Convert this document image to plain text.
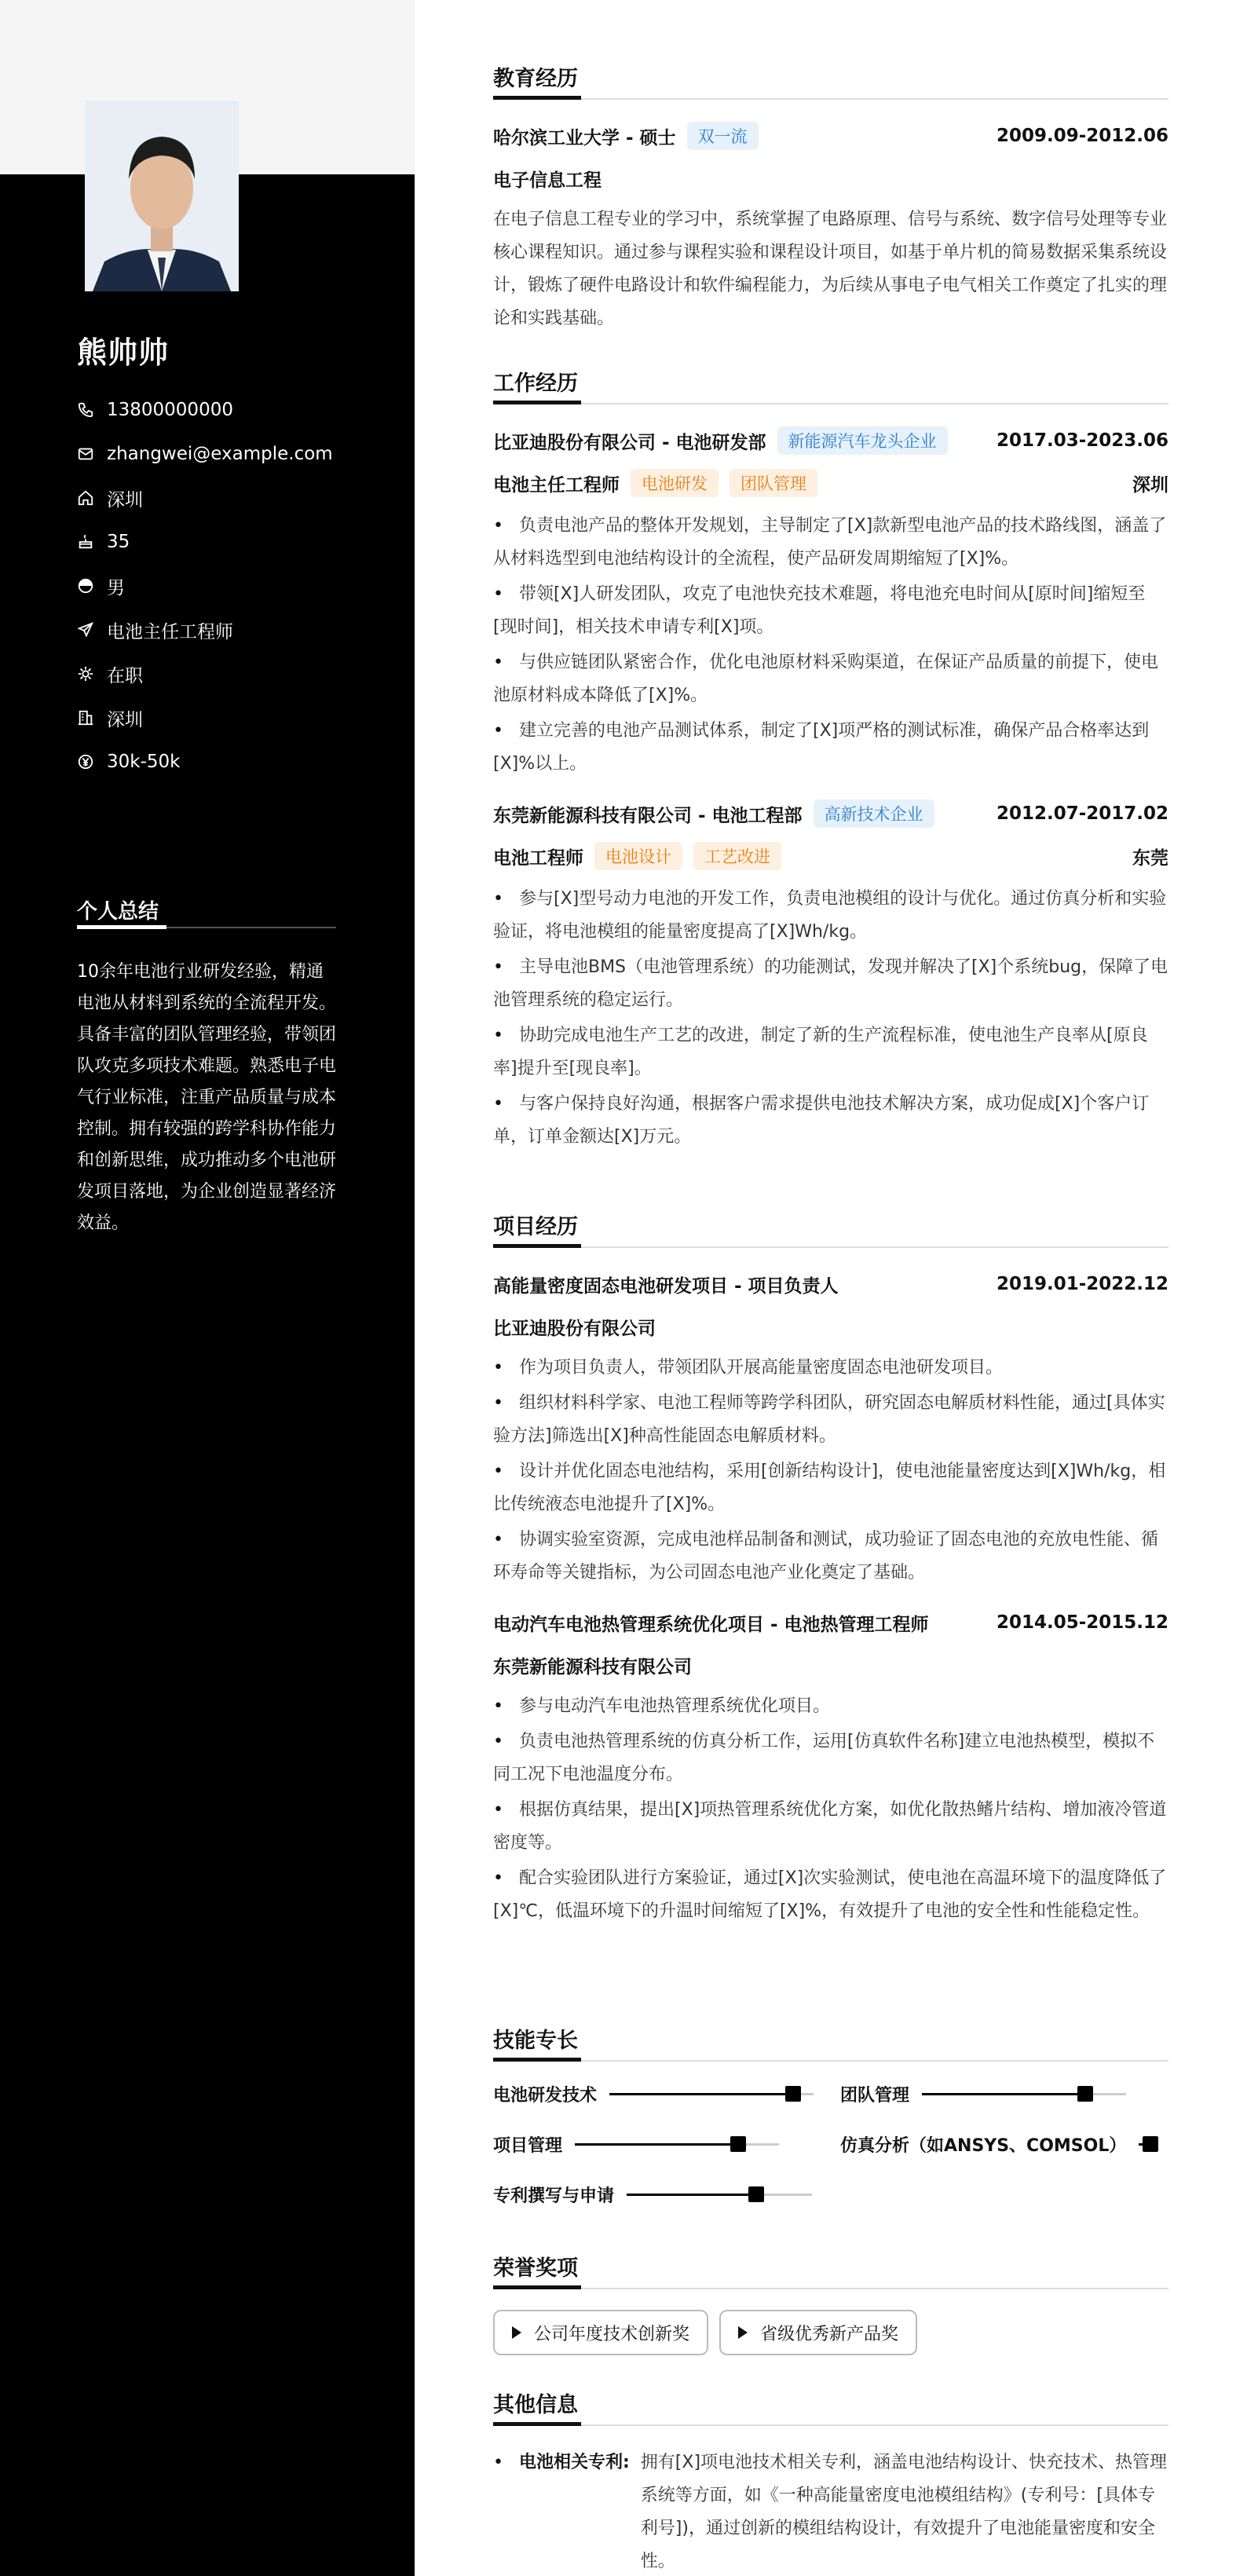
熊帅帅
13800000000
zhangwei@example.com
深圳
35
男
电池主任工程师
在职
深圳
30k-50k
个人总结
10余年电池行业研发经验，精通电池从材料到系统的全流程开发。具备丰富的团队管理经验，带领团队攻克多项技术难题。熟悉电子电气行业标准，注重产品质量与成本控制。拥有较强的跨学科协作能力和创新思维，成功推动多个电池研发项目落地，为企业创造显著经济效益。
教育经历
哈尔滨工业大学 - 硕士	双一流	2009.09-2012.06
电子信息工程
在电子信息工程专业的学习中，系统掌握了电路原理、信号与系统、数字信号处理等专业核心课程知识。通过参与课程实验和课程设计项目，如基于单片机的简易数据采集系统设计，锻炼了硬件电路设计和软件编程能力，为后续从事电子电气相关工作奠定了扎实的理论和实践基础。
工作经历
比亚迪股份有限公司 - 电池研发部	新能源汽车龙头企业	2017.03-2023.06
电池主任工程师	电池研发	团队管理	深圳
• 负责电池产品的整体开发规划，主导制定了[X]款新型电池产品的技术路线图，涵盖了从材料选型到电池结构设计的全流程，使产品研发周期缩短了[X]%。
• 带领[X]人研发团队，攻克了电池快充技术难题，将电池充电时间从[原时间]缩短至[现时间]，相关技术申请专利[X]项。
• 与供应链团队紧密合作，优化电池原材料采购渠道，在保证产品质量的前提下，使电池原材料成本降低了[X]%。
• 建立完善的电池产品测试体系，制定了[X]项严格的测试标准，确保产品合格率达到[X]%以上。
东莞新能源科技有限公司 - 电池工程部	高新技术企业	2012.07-2017.02
电池工程师	电池设计	工艺改进	东莞
• 参与[X]型号动力电池的开发工作，负责电池模组的设计与优化。通过仿真分析和实验验证，将电池模组的能量密度提高了[X]Wh/kg。
• 主导电池BMS（电池管理系统）的功能测试，发现并解决了[X]个系统bug，保障了电池管理系统的稳定运行。
• 协助完成电池生产工艺的改进，制定了新的生产流程标准，使电池生产良率从[原良率]提升至[现良率]。
• 与客户保持良好沟通，根据客户需求提供电池技术解决方案，成功促成[X]个客户订单，订单金额达[X]万元。
项目经历
高能量密度固态电池研发项目 - 项目负责人	2019.01-2022.12
比亚迪股份有限公司
• 作为项目负责人，带领团队开展高能量密度固态电池研发项目。
• 组织材料科学家、电池工程师等跨学科团队，研究固态电解质材料性能，通过[具体实验方法]筛选出[X]种高性能固态电解质材料。
• 设计并优化固态电池结构，采用[创新结构设计]，使电池能量密度达到[X]Wh/kg，相比传统液态电池提升了[X]%。
• 协调实验室资源，完成电池样品制备和测试，成功验证了固态电池的充放电性能、循环寿命等关键指标，为公司固态电池产业化奠定了基础。
电动汽车电池热管理系统优化项目 - 电池热管理工程师	2014.05-2015.12
东莞新能源科技有限公司
• 参与电动汽车电池热管理系统优化项目。
• 负责电池热管理系统的仿真分析工作，运用[仿真软件名称]建立电池热模型，模拟不同工况下电池温度分布。
• 根据仿真结果，提出[X]项热管理系统优化方案，如优化散热鳍片结构、增加液冷管道密度等。
• 配合实验团队进行方案验证，通过[X]次实验测试，使电池在高温环境下的温度降低了[X]℃，低温环境下的升温时间缩短了[X]%，有效提升了电池的安全性和性能稳定性。
技能专长
电池研发技术	团队管理
项目管理	仿真分析（如ANSYS、COMSOL）
专利撰写与申请
荣誉奖项
公司年度技术创新奖	省级优秀新产品奖
其他信息
• 电池相关专利: 拥有[X]项电池技术相关专利，涵盖电池结构设计、快充技术、热管理系统等方面，如《一种高能量密度电池模组结构》(专利号：[具体专利号])，通过创新的模组结构设计，有效提升了电池能量密度和安全性。
